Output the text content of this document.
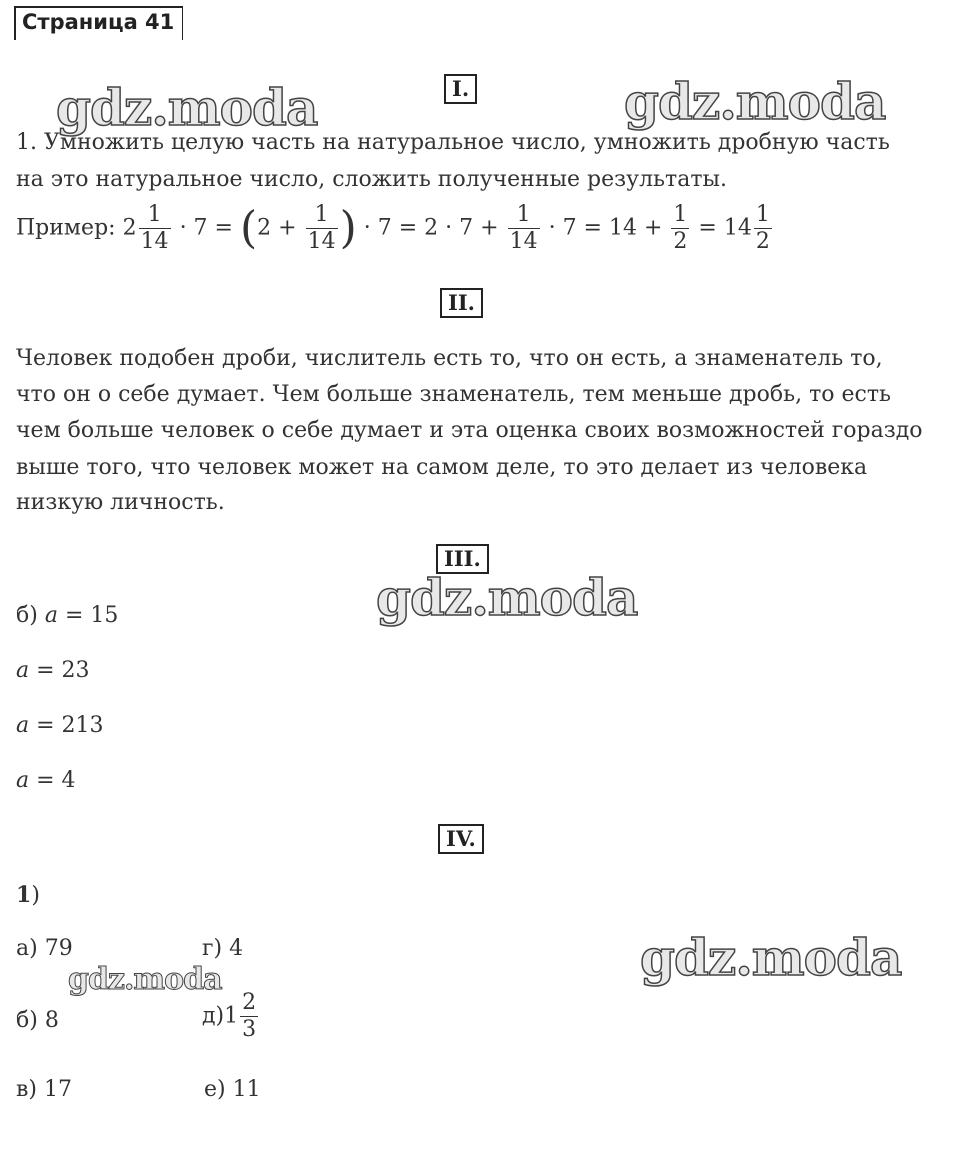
Страница 41
gdz.moda	gdz.moda
gdz.moda
gdz.moda
gdz.moda
I.
1. Умножить целую часть на натуральное число, умножить дробную часть
на это натуральное число, сложить полученные результаты.
Пример: $2 \frac{1}{14} \cdot 7 = (2 + \frac{1}{14}$ ) · $7 = 2 \cdot 7 + \frac{1}{14} \cdot 7 = 14 + \frac{1}{2} = 14 \frac{1}{2}$
II.
Человек подобен дроби, числитель есть то, что он есть, а знаменатель то,
что он о себе думает. Чем больше знаменатель, тем меньше дробь, то есть
чем больше человек о себе думает и эта оценка своих возможностей гораздо
выше того, что человек может на самом деле, то это делает из человека
низкую личность.
III.
б) a = 15
a = 23
a = 213
a = 4
IV.
1)
а) 79	г) 4
б) 8	$д)1 \frac{2}{3}$
в) 17	е) 11
